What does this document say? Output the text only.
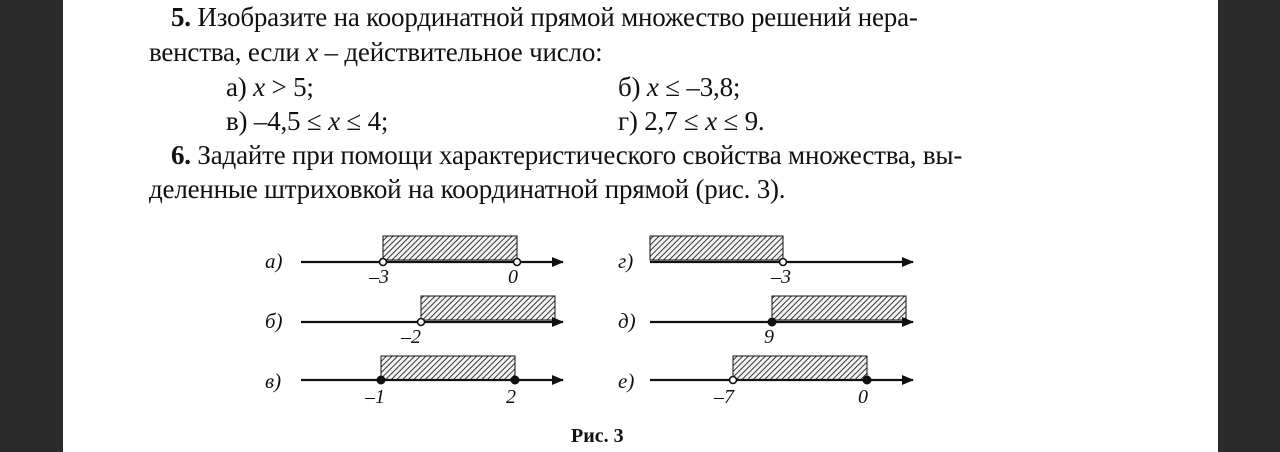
5. Изобразите на координатной прямой множество решений нера-
венства, если x – действительное число:
а) x > 5;	б) x ≤ –3,8;
в) –4,5 ≤ x ≤ 4;	г) 2,7 ≤ x ≤ 9.
6. Задайте при помощи характеристического свойства множества, вы-
деленные штриховкой на координатной прямой (рис. 3).
а)
–3	0
б)
–2
в)
–1	2
г)
–3
д)
9
е)
–7	0
Рис. 3
